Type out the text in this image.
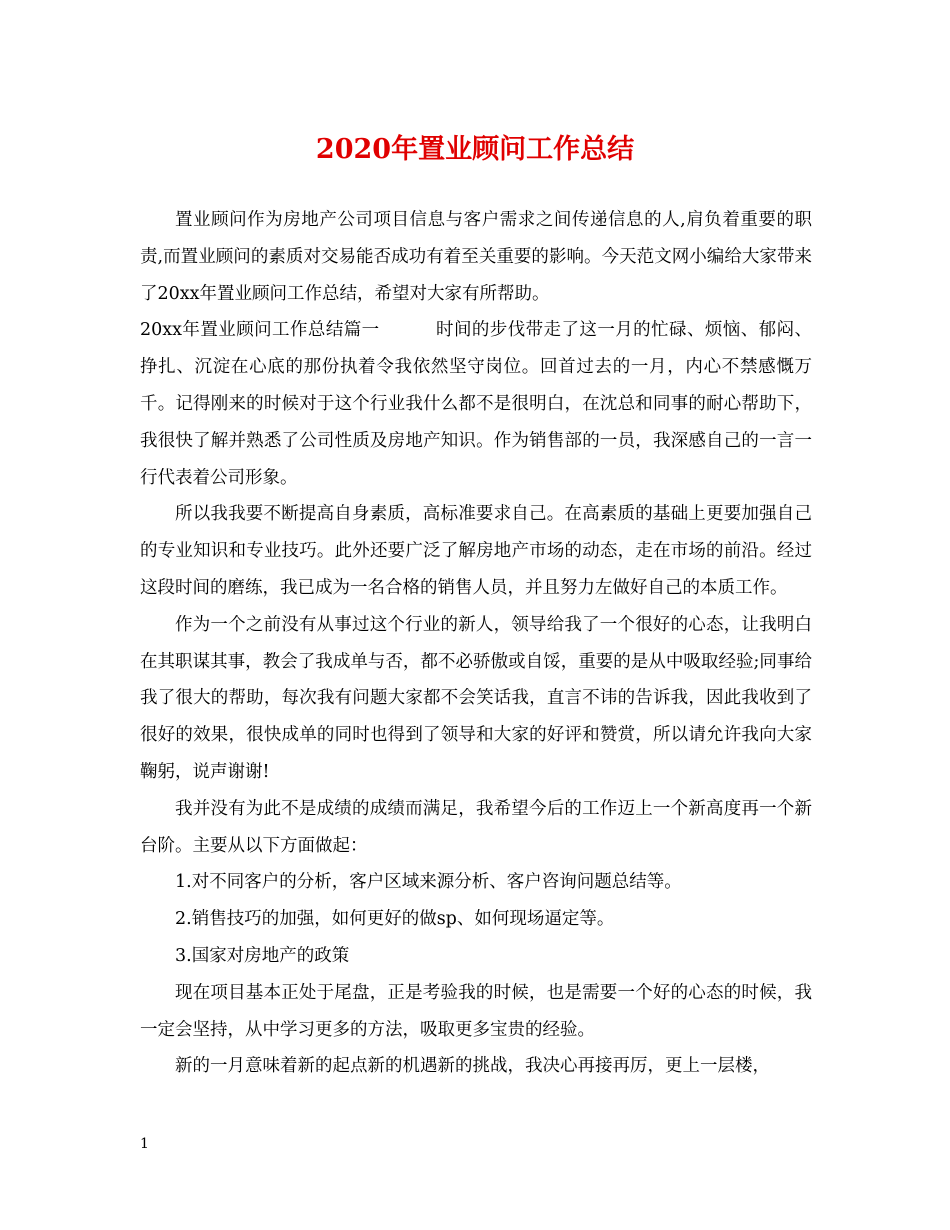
2020年置业顾问工作总结

置业顾问作为房地产公司项目信息与客户需求之间传递信息的人,肩负着重要的职责,而置业顾问的素质对交易能否成功有着至关重要的影响。今天范文网小编给大家带来了20xx年置业顾问工作总结，希望对大家有所帮助。

20xx年置业顾问工作总结篇一	时间的步伐带走了这一月的忙碌、烦恼、郁闷、挣扎、沉淀在心底的那份执着令我依然坚守岗位。回首过去的一月，内心不禁感慨万千。记得刚来的时候对于这个行业我什么都不是很明白，在沈总和同事的耐心帮助下，我很快了解并熟悉了公司性质及房地产知识。作为销售部的一员，我深感自己的一言一行代表着公司形象。

所以我我要不断提高自身素质，高标准要求自己。在高素质的基础上更要加强自己的专业知识和专业技巧。此外还要广泛了解房地产市场的动态，走在市场的前沿。经过这段时间的磨练，我已成为一名合格的销售人员，并且努力左做好自己的本质工作。

作为一个之前没有从事过这个行业的新人，领导给我了一个很好的心态，让我明白在其职谋其事，教会了我成单与否，都不必骄傲或自馁，重要的是从中吸取经验;同事给我了很大的帮助，每次我有问题大家都不会笑话我，直言不讳的告诉我，因此我收到了很好的效果，很快成单的同时也得到了领导和大家的好评和赞赏，所以请允许我向大家鞠躬，说声谢谢!

我并没有为此不是成绩的成绩而满足，我希望今后的工作迈上一个新高度再一个新台阶。主要从以下方面做起：

1.对不同客户的分析，客户区域来源分析、客户咨询问题总结等。

2.销售技巧的加强，如何更好的做sp、如何现场逼定等。

3.国家对房地产的政策

现在项目基本正处于尾盘，正是考验我的时候，也是需要一个好的心态的时候，我一定会坚持，从中学习更多的方法，吸取更多宝贵的经验。

新的一月意味着新的起点新的机遇新的挑战，我决心再接再厉，更上一层楼，

1
